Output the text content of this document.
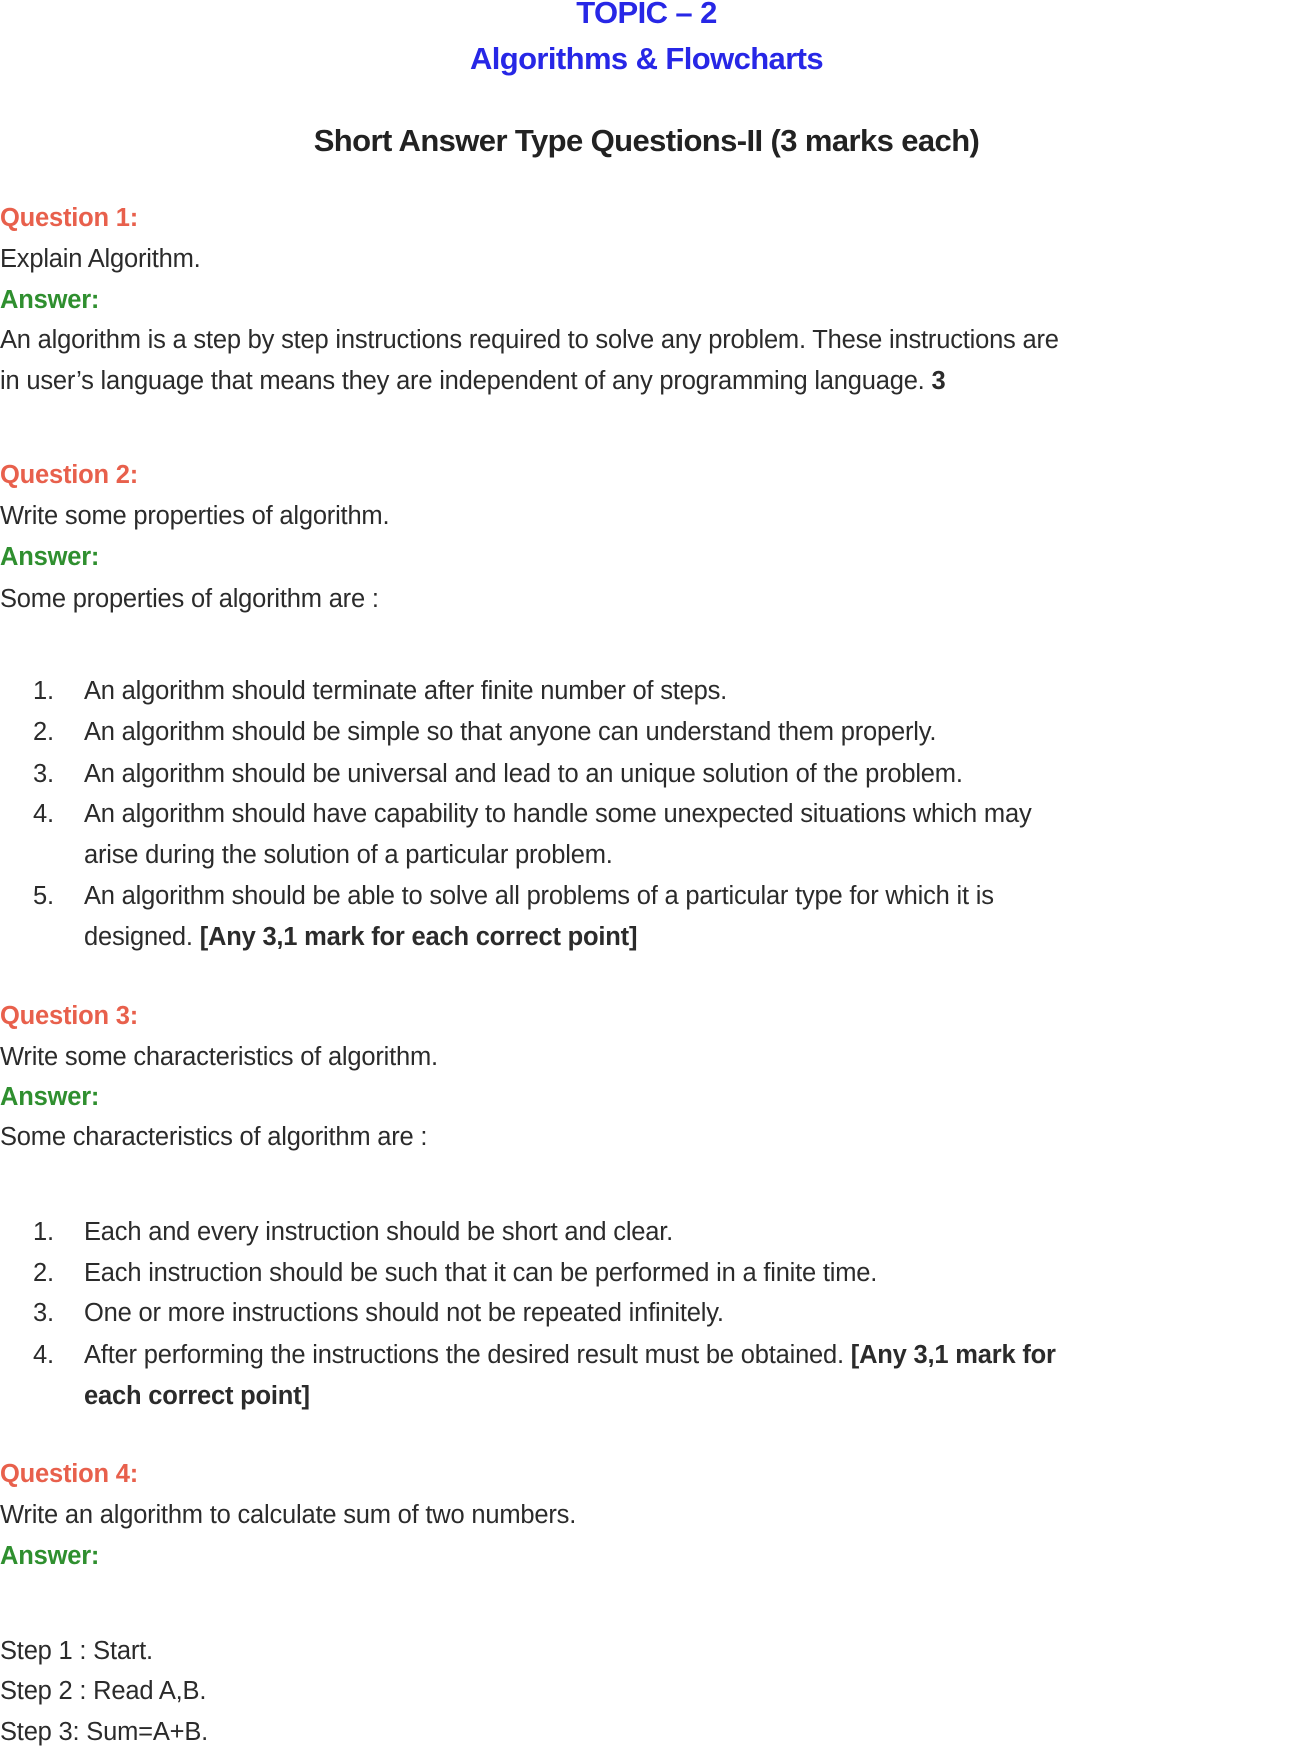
TOPIC – 2
Algorithms & Flowcharts
Short Answer Type Questions-II (3 marks each)
Question 1:
Explain Algorithm.
Answer:
An algorithm is a step by step instructions required to solve any problem. These instructions are
in user’s language that means they are independent of any programming language. 3
Question 2:
Write some properties of algorithm.
Answer:
Some properties of algorithm are :
1. An algorithm should terminate after finite number of steps.
2. An algorithm should be simple so that anyone can understand them properly.
3. An algorithm should be universal and lead to an unique solution of the problem.
4. An algorithm should have capability to handle some unexpected situations which may
arise during the solution of a particular problem.
5. An algorithm should be able to solve all problems of a particular type for which it is
designed. [Any 3,1 mark for each correct point]
Question 3:
Write some characteristics of algorithm.
Answer:
Some characteristics of algorithm are :
1. Each and every instruction should be short and clear.
2. Each instruction should be such that it can be performed in a finite time.
3. One or more instructions should not be repeated infinitely.
4. After performing the instructions the desired result must be obtained. [Any 3,1 mark for
each correct point]
Question 4:
Write an algorithm to calculate sum of two numbers.
Answer:
Step 1 : Start.
Step 2 : Read A,B.
Step 3: Sum=A+B.
